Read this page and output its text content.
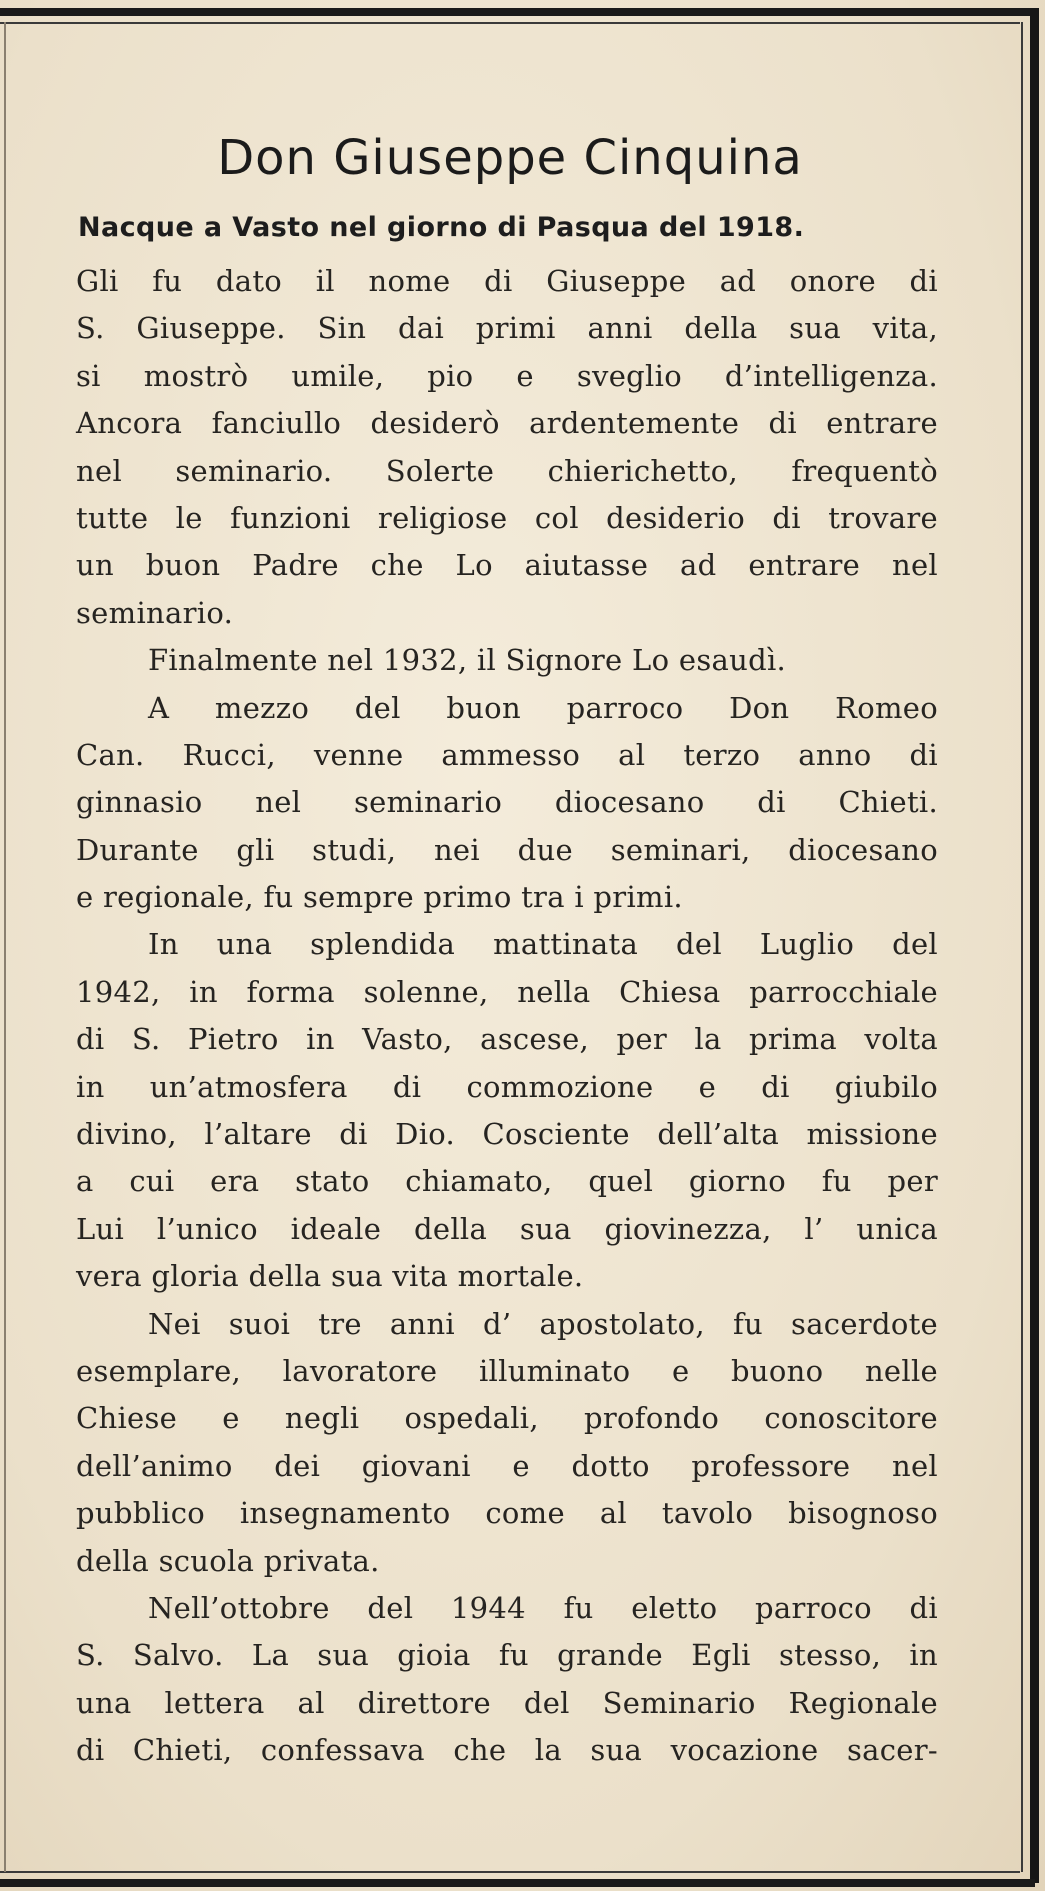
Don Giuseppe Cinquina
Nacque a Vasto nel giorno di Pasqua del 1918.
Gli fu dato il nome di Giuseppe ad onore di
S. Giuseppe. Sin dai primi anni della sua vita,
si mostrò umile, pio e sveglio d’intelligenza.
Ancora fanciullo desiderò ardentemente di entrare
nel seminario. Solerte chierichetto, frequentò
tutte le funzioni religiose col desiderio di trovare
un buon Padre che Lo aiutasse ad entrare nel
seminario.
Finalmente nel 1932, il Signore Lo esaudì.
A mezzo del buon parroco Don Romeo
Can. Rucci, venne ammesso al terzo anno di
ginnasio nel seminario diocesano di Chieti.
Durante gli studi, nei due seminari, diocesano
e regionale, fu sempre primo tra i primi.
In una splendida mattinata del Luglio del
1942, in forma solenne, nella Chiesa parrocchiale
di S. Pietro in Vasto, ascese, per la prima volta
in un’atmosfera di commozione e di giubilo
divino, l’altare di Dio. Cosciente dell’alta missione
a cui era stato chiamato, quel giorno fu per
Lui l’unico ideale della sua giovinezza, l’ unica
vera gloria della sua vita mortale.
Nei suoi tre anni d’ apostolato, fu sacerdote
esemplare, lavoratore illuminato e buono nelle
Chiese e negli ospedali, profondo conoscitore
dell’animo dei giovani e dotto professore nel
pubblico insegnamento come al tavolo bisognoso
della scuola privata.
Nell’ottobre del 1944 fu eletto parroco di
S. Salvo. La sua gioia fu grande Egli stesso, in
una lettera al direttore del Seminario Regionale
di Chieti, confessava che la sua vocazione sacer-
